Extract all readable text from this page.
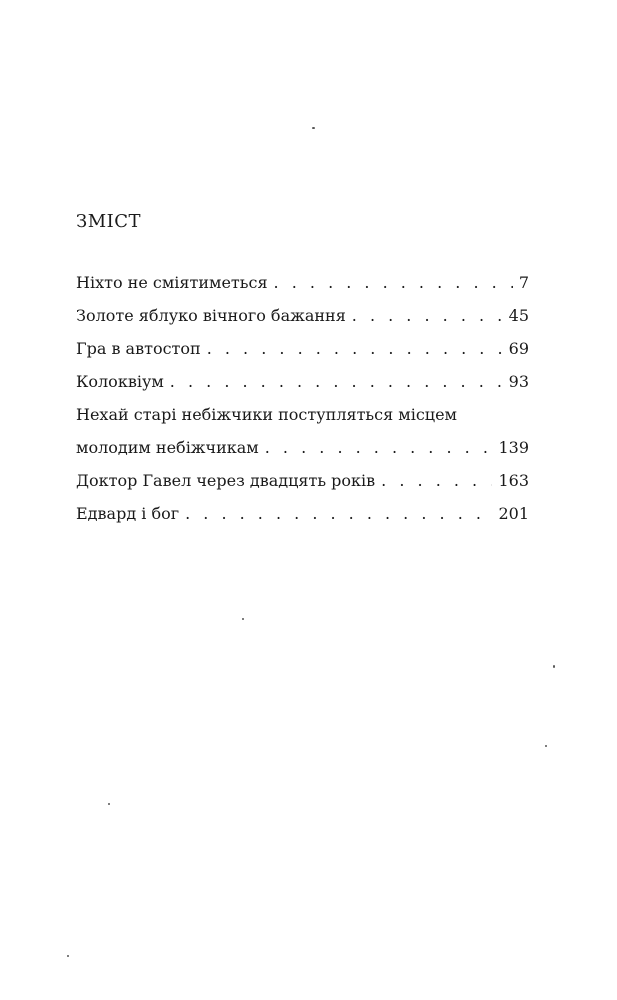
ЗМІСТ
Ніхто не сміятиметься . . .	7
Золоте яблуко вічного бажання . . .	45
Гра в автостоп . . .	69
Колоквіум . . .	93
Нехай старі небіжчики поступляться місцем
молодим небіжчикам . . .	139
Доктор Гавел через двадцять років . . .	163
Едвард і бог . . .	201
